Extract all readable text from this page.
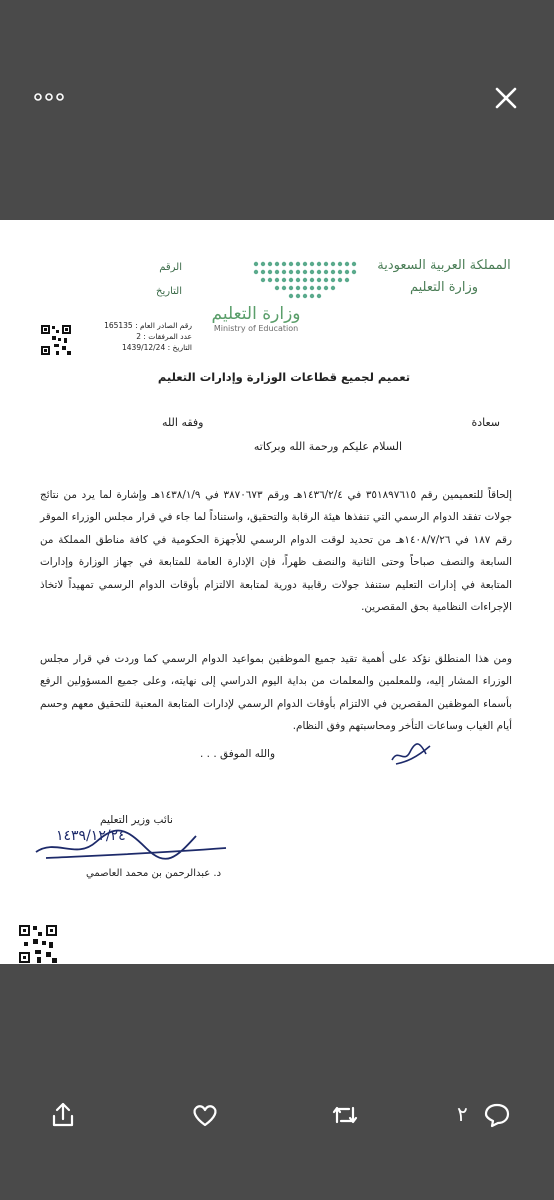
المملكة العربية السعودية
وزارة التعليم
الرقم
التاريخ
وزارة التعليم
Ministry of Education
رقم الصادر العام : 165135
عدد المرفقات : 2
التاريخ : 1439/12/24
تعميم لجميع قطاعات الوزارة وإدارات التعليم
سعادة
وفقه الله
السلام عليكم ورحمة الله وبركاته
إلحاقاً للتعميمين رقم ٣٥١٨٩٧٦١٥ في ١٤٣٦/٢/٤هـ ورقم ٣٨٧٠٦٧٣ في ١٤٣٨/١/٩هـ وإشارة لما يرد من نتائج جولات تفقد الدوام الرسمي التي تنفذها هيئة الرقابة والتحقيق، واستناداً لما جاء في قرار مجلس الوزراء الموقر رقم ١٨٧ في ١٤٠٨/٧/٢٦هـ من تحديد لوقت الدوام الرسمي للأجهزة الحكومية في كافة مناطق المملكة من السابعة والنصف صباحاً وحتى الثانية والنصف ظهراً، فإن الإدارة العامة للمتابعة في جهاز الوزارة وإدارات المتابعة في إدارات التعليم ستنفذ جولات رقابية دورية لمتابعة الالتزام بأوقات الدوام الرسمي تمهيداً لاتخاذ الإجراءات النظامية بحق المقصرين.
ومن هذا المنطلق نؤكد على أهمية تقيد جميع الموظفين بمواعيد الدوام الرسمي كما وردت في قرار مجلس الوزراء المشار إليه، وللمعلمين والمعلمات من بداية اليوم الدراسي إلى نهايته، وعلى جميع المسؤولين الرفع بأسماء الموظفين المقصرين في الالتزام بأوقات الدوام الرسمي لإدارات المتابعة المعنية للتحقيق معهم وحسم أيام الغياب وساعات التأخر ومحاسبتهم وفق النظام.
والله الموفق . . .
نائب وزير التعليم
١٤٣٩/١٢/٢٤
د. عبدالرحمن بن محمد العاصمي
٢
